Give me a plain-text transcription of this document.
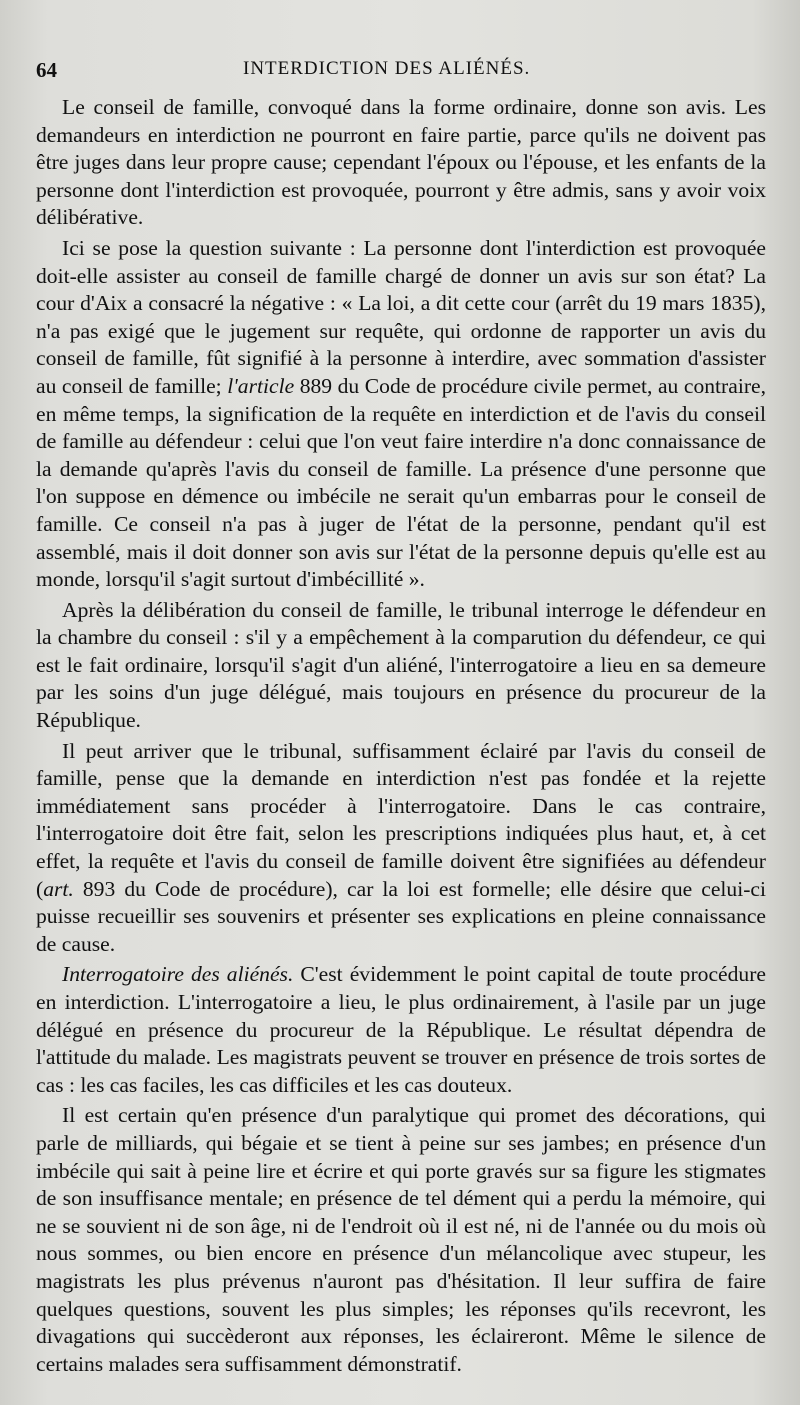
64	INTERDICTION DES ALIÉNÉS.

Le conseil de famille, convoqué dans la forme ordinaire, donne son avis. Les demandeurs en interdiction ne pourront en faire partie, parce qu'ils ne doivent pas être juges dans leur propre cause; cependant l'époux ou l'épouse, et les enfants de la personne dont l'interdiction est provoquée, pourront y être admis, sans y avoir voix délibérative.

Ici se pose la question suivante : La personne dont l'interdiction est provoquée doit-elle assister au conseil de famille chargé de donner un avis sur son état? La cour d'Aix a consacré la négative : « La loi, a dit cette cour (arrêt du 19 mars 1835), n'a pas exigé que le jugement sur requête, qui ordonne de rapporter un avis du conseil de famille, fût signifié à la personne à interdire, avec sommation d'assister au conseil de famille; l'article 889 du Code de procédure civile permet, au contraire, en même temps, la signification de la requête en interdiction et de l'avis du conseil de famille au défendeur : celui que l'on veut faire interdire n'a donc connaissance de la demande qu'après l'avis du conseil de famille. La présence d'une personne que l'on suppose en démence ou imbécile ne serait qu'un embarras pour le conseil de famille. Ce conseil n'a pas à juger de l'état de la personne, pendant qu'il est assemblé, mais il doit donner son avis sur l'état de la personne depuis qu'elle est au monde, lorsqu'il s'agit surtout d'imbécillité ».

Après la délibération du conseil de famille, le tribunal interroge le défendeur en la chambre du conseil : s'il y a empêchement à la comparution du défendeur, ce qui est le fait ordinaire, lorsqu'il s'agit d'un aliéné, l'interrogatoire a lieu en sa demeure par les soins d'un juge délégué, mais toujours en présence du procureur de la République.

Il peut arriver que le tribunal, suffisamment éclairé par l'avis du conseil de famille, pense que la demande en interdiction n'est pas fondée et la rejette immédiatement sans procéder à l'interrogatoire. Dans le cas contraire, l'interrogatoire doit être fait, selon les prescriptions indiquées plus haut, et, à cet effet, la requête et l'avis du conseil de famille doivent être signifiées au défendeur (art. 893 du Code de procédure), car la loi est formelle; elle désire que celui-ci puisse recueillir ses souvenirs et présenter ses explications en pleine connaissance de cause.

Interrogatoire des aliénés. C'est évidemment le point capital de toute procédure en interdiction. L'interrogatoire a lieu, le plus ordinairement, à l'asile par un juge délégué en présence du procureur de la République. Le résultat dépendra de l'attitude du malade. Les magistrats peuvent se trouver en présence de trois sortes de cas : les cas faciles, les cas difficiles et les cas douteux.

Il est certain qu'en présence d'un paralytique qui promet des décorations, qui parle de milliards, qui bégaie et se tient à peine sur ses jambes; en présence d'un imbécile qui sait à peine lire et écrire et qui porte gravés sur sa figure les stigmates de son insuffisance mentale; en présence de tel dément qui a perdu la mémoire, qui ne se souvient ni de son âge, ni de l'endroit où il est né, ni de l'année ou du mois où nous sommes, ou bien encore en présence d'un mélancolique avec stupeur, les magistrats les plus prévenus n'auront pas d'hésitation. Il leur suffira de faire quelques questions, souvent les plus simples; les réponses qu'ils recevront, les divagations qui succèderont aux réponses, les éclaireront. Même le silence de certains malades sera suffisamment démonstratif.
